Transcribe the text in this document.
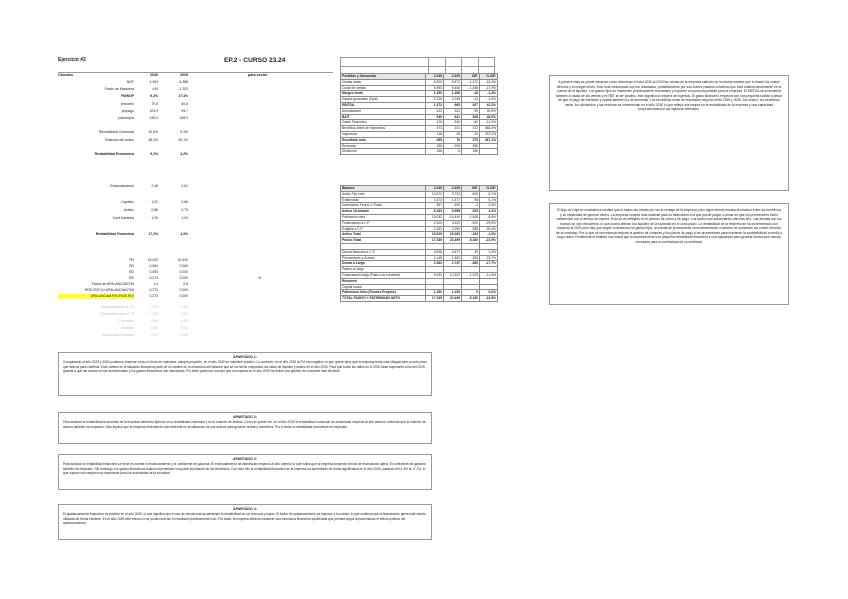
Ejercicio #2	EP.2 - CURSO 23.24

Cálculos	2030	2029	para sector
NOF	4.394	-4.388
Fondo de Maniobra	410	-1.203
FM/NOF	9,3%	27,4%
pmcobro	70,6	60,6
pmpago	103,9	93,7
pmcompra	149,0	108,0
Rentabilidad Comercial	10,6%	9,3%
Rotación del Activo	48,3%	45,1%
Rentabilidad Económica	5,1%	4,2%
Endeudamiento	2,46	2,61
Liquidez	1,02	0,86
Acidez	0,88	0,73
Coef.Garantía	1,26	1,04
Rentabilidad Financiera	17,1%	4,3%
PN	15.032	16.440
RD	0,064	0,060
RD	0,000	0,000
RD	0,273	0,000
Factor de APALANCAM.FIN	1,0	0,8
ROE-ROI*(1+APALANCAM.FIN)	0,272	0,000
APALANCAM.FIN./ROE-ROI	0,272	0,000
Endeudamiento a L.P	0,00	0,00
Endeudamiento a C.P	0,00	0,00
Cobertura	0,00	0,00
Rotación	0,00	0,00
Autonomía financiera	0,00	0,00
%
Pérdidas y Ganancias	2.030	2.029	DIF.	% DIF.
Ventas netas	8.200	9.672	-1.472	-15,2%
Coste de ventas	6.950	8.406	-1.456	-17,3%
Margen bruto	1.250	1.266	-16	-1,3%
Gastos generales (Ppal)	2.226	2.249	-23	-1,0%
EBITDA	1.372	965	407	42,2%
Amortización	423	324	99	30,6%
BAIT	949	641	308	48,0%
Gasto Financiero	476	540	-64	-11,9%
Beneficio antes de impuestos	473	101	372	368,3%
Impuestos	118	25	93	372,0%
Resultado neto	355	76	279	367,1%
Reservas	156	-199	355	
Dividendo	156	0	156	
Balance	2.030	2.029	DIF.	% DIF.
Activo Fijo neto	10.572	9.723	849	8,7%
Existencias	1.673	1.577	96	6,1%
Inversiones Financ.C.Plazo	597	600	-3	-0,5%
Activo Circulante	6.163	5.958	205	3,4%
Patrimonio neto	15.032	16.440	-1.408	-8,6%
Financiación a L.P.	2.200	3.100	-900	-29,0%
Exigible a C.P.	2.262	3.250	-988	-30,4%
Activo Total	15.029	15.183	-154	-1,0%
Pasivo Total	17.339	22.499	-5.160	-22,9%

Deuda Bancaria a C.P.	3.838	3.877	-39	-1,0%
Proveedores y Acreed.	1.145	1.500	-355	-23,7%
Deuda a Largo	2.262	2.747	-485	-17,7%
Pasivo a Largo				
Financiación larga (Pasivo no corriente)	9.093	10.322	-1.229	-11,9%
Resumen				
Capital social				
Patrimonio Neto (Fondos Propios)	1.150	1.150	0	0,0%
TOTAL PASIVO + PATRIMONIO NETO	17.339	22.499	-5.160	-22,9%

A primera vista se puede observar como disminuye el total 2030 al 2029 las ventas de la empresa caiendo de la misma manera que lo hacen los costes directos y el margen bruto. Esto está relacionado con los resultados, probablemente por una buena práctica comercial que está todavía tenuemente en la cuenta de la liquidez. Los gastos fijos se mantienen prácticamente constantes y suponen un punto importante para la empresa. El EBITDA se incrementa también a causa de los ventas y el EBIT al ser positivo, esto significa la mejoría de ingresos. El gasto financiero empeora con una pequeña subida a pesar de que el pago de intereses y capital también ha de aumentar. Los beneficios antes de impuestos mejoran entre 2029 y 2030. Así mismo, los beneficios netos, los dividendos y las reservas se incrementan en el año 2030 lo que refleja una mejora en la rentabilidad de la empresa y una capacidad proporcionada por los ingresos obtenidos.

El flujo de Caja se considera a medida que lo hacen las ventas por ser la ventaja de la empresa, pero sigue siendo escasa la relación entre los beneficios y su capacidad de generar dinero. La empresa compra más material para su fabricación a la que puede pagar, a pesar de que los proveedores estén satisfechos con el tiempo de espera. Esto se ve reflejado en el periodo de cobro y de pago. Los stocks van aumentando año tras año. Las deudas con los bancos se van reduciendo, lo que podría afectar a la liquidez de la sociedad en el corto plazo. La rentabilidad de la empresa se ha incrementado con respecto al 2029 pero hay que seguir controlando los gastos fijos, la cuenta de proveedores va incrementando conforme se aumentan los costes directos de la sociedad. Por lo que se recomienda mejorar la gestión de compras y los plazos de pago a los proveedores para mantener la sostenibilidad a medio y largo plazo. Finalmente el análisis nos indica que la empresa tiene una pequeña rentabilidad financiera y una capacidad para generar fondos que resulta necesaria para la continuidad de su actividad.

APARTADO 1:
Comparando el año 2029 y 2030 podemos observar cómo el fondo de maniobra, aunque pequeño, en el año 2030 se mantiene positivo. Lo contrario, en el año 2029 la FM era negativo, lo que quiere decir que la empresa tenía más obligaciones a corto plazo que activos para cubrirlas. Este cambio en la situación financiera parte de un cambio en la estructura del balance que se ha hecho mejorando los ratios de liquidez y acidez en el año 2030. Para que todos los ratios en el 2030 sean superiores a los del 2029, gracias a que las ventas se han incrementado y los gastos financieros han disminuido. Por tanto podemos concluir que la empresa en el año 2030 ha tenido una gestión de circulante más eficiente.
APARTADO 2:
Para analizar la rentabilidad económica de la empresa debemos fijarnos en la rentabilidad comercial y en la rotación de activos. Como se puede ver, en el año 2030 la rentabilidad comercial ha aumentado respecto al año anterior, mientras que la rotación de activos también ha mejorado. Esto implica que la empresa está siendo más eficiente en la utilización de sus activos para generar ventas y beneficios. Por lo tanto la rentabilidad económica ha mejorado.
APARTADO 3:
Para analizar la rentabilidad financiera se tiene en cuenta el endeudamiento y el coeficiente de garantía. El endeudamiento ha disminuido respecto al año anterior lo que indica que la empresa depende menos de financiación ajena. El coeficiente de garantía también ha mejorado. Sin embargo, los gastos financieros todavía representan una parte importante de los beneficios. Con todo ello la rentabilidad financiera de la empresa ha aumentado de forma significativa en el año 2030, pasando del 4,3% al 17,1%, lo que supone una mejora muy importante para los accionistas de la sociedad.
APARTADO 4:
El apalancamiento financiero es positivo en el año 2030, lo que significa que el uso de deuda está aumentando la rentabilidad de los recursos propios. El factor de apalancamiento es superior a la unidad, lo que confirma que la financiación ajena está siendo utilizada de forma eficiente. En el año 2029 este efecto no se producía al ser el resultado prácticamente nulo. Por tanto, la empresa debería mantener una estructura financiera equilibrada que permita seguir aprovechando el efecto positivo del apalancamiento.
